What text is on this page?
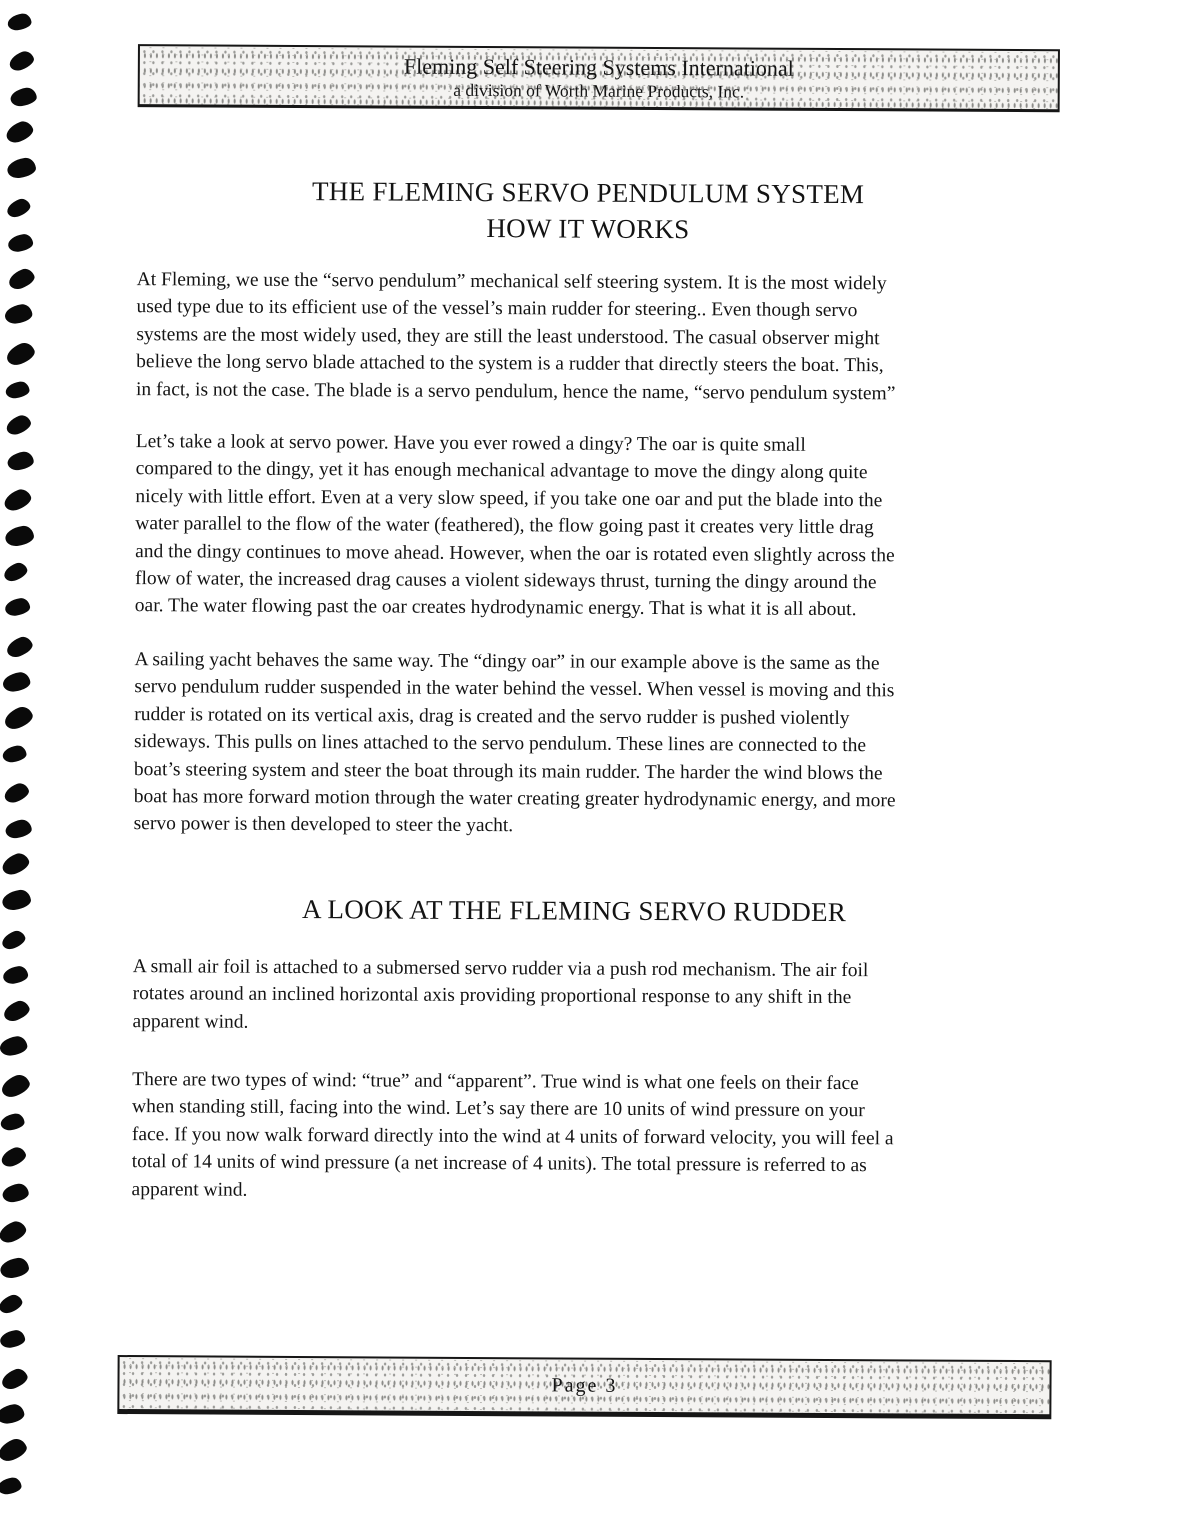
Fleming Self Steering Systems International
a division of Worth Marine Products, Inc.
THE FLEMING SERVO PENDULUM SYSTEM
HOW IT WORKS
At Fleming, we use the “servo pendulum” mechanical self steering system. It is the most widely
used type due to its efficient use of the vessel’s main rudder for steering.. Even though servo
systems are the most widely used, they are still the least understood. The casual observer might
believe the long servo blade attached to the system is a rudder that directly steers the boat. This,
in fact, is not the case. The blade is a servo pendulum, hence the name, “servo pendulum system”
Let’s take a look at servo power. Have you ever rowed a dingy? The oar is quite small
compared to the dingy, yet it has enough mechanical advantage to move the dingy along quite
nicely with little effort. Even at a very slow speed, if you take one oar and put the blade into the
water parallel to the flow of the water (feathered), the flow going past it creates very little drag
and the dingy continues to move ahead. However, when the oar is rotated even slightly across the
flow of water, the increased drag causes a violent sideways thrust, turning the dingy around the
oar. The water flowing past the oar creates hydrodynamic energy. That is what it is all about.
A sailing yacht behaves the same way. The “dingy oar” in our example above is the same as the
servo pendulum rudder suspended in the water behind the vessel. When vessel is moving and this
rudder is rotated on its vertical axis, drag is created and the servo rudder is pushed violently
sideways. This pulls on lines attached to the servo pendulum. These lines are connected to the
boat’s steering system and steer the boat through its main rudder. The harder the wind blows the
boat has more forward motion through the water creating greater hydrodynamic energy, and more
servo power is then developed to steer the yacht.
A LOOK AT THE FLEMING SERVO RUDDER
A small air foil is attached to a submersed servo rudder via a push rod mechanism. The air foil
rotates around an inclined horizontal axis providing proportional response to any shift in the
apparent wind.
There are two types of wind: “true” and “apparent”. True wind is what one feels on their face
when standing still, facing into the wind. Let’s say there are 10 units of wind pressure on your
face. If you now walk forward directly into the wind at 4 units of forward velocity, you will feel a
total of 14 units of wind pressure (a net increase of 4 units). The total pressure is referred to as
apparent wind.
Page 3
